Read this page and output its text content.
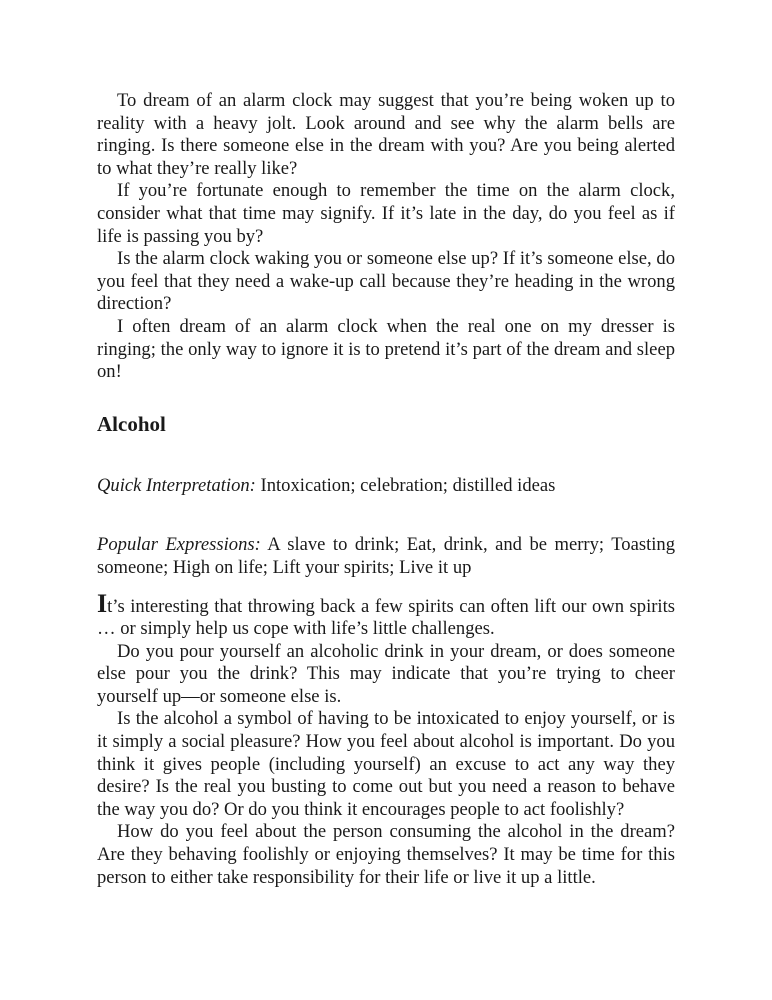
To dream of an alarm clock may suggest that you’re being woken up to reality with a heavy jolt. Look around and see why the alarm bells are ringing. Is there someone else in the dream with you? Are you being alerted to what they’re really like?

If you’re fortunate enough to remember the time on the alarm clock, consider what that time may signify. If it’s late in the day, do you feel as if life is passing you by?

Is the alarm clock waking you or someone else up? If it’s someone else, do you feel that they need a wake-up call because they’re heading in the wrong direction?

I often dream of an alarm clock when the real one on my dresser is ringing; the only way to ignore it is to pretend it’s part of the dream and sleep on!

Alcohol

Quick Interpretation: Intoxication; celebration; distilled ideas

Popular Expressions: A slave to drink; Eat, drink, and be merry; Toasting someone; High on life; Lift your spirits; Live it up

It’s interesting that throwing back a few spirits can often lift our own spirits … or simply help us cope with life’s little challenges.

Do you pour yourself an alcoholic drink in your dream, or does someone else pour you the drink? This may indicate that you’re trying to cheer yourself up—or someone else is.

Is the alcohol a symbol of having to be intoxicated to enjoy yourself, or is it simply a social pleasure? How you feel about alcohol is important. Do you think it gives people (including yourself) an excuse to act any way they desire? Is the real you busting to come out but you need a reason to behave the way you do? Or do you think it encourages people to act foolishly?

How do you feel about the person consuming the alcohol in the dream? Are they behaving foolishly or enjoying themselves? It may be time for this person to either take responsibility for their life or live it up a little.
